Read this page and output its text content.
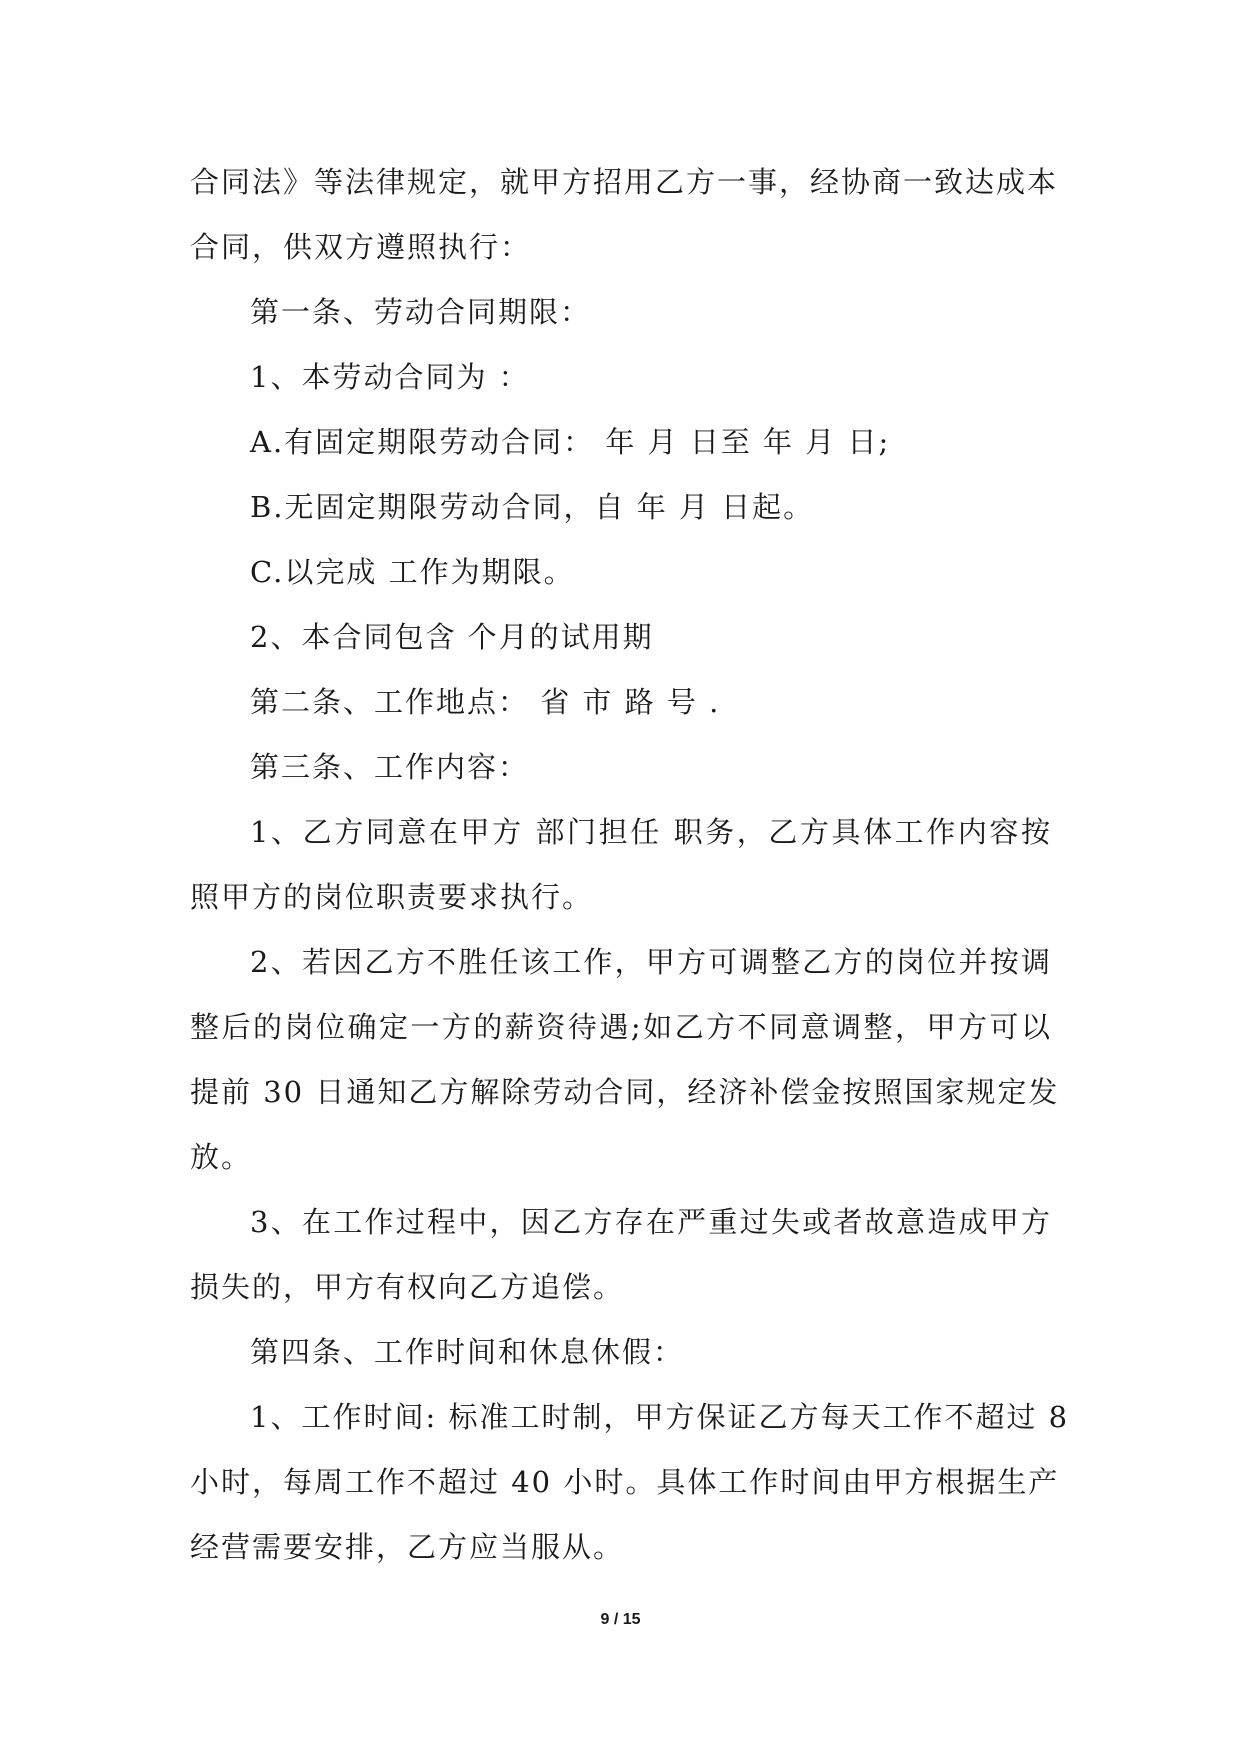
合同法》等法律规定，就甲方招用乙方一事，经协商一致达成本
合同，供双方遵照执行：
第一条、劳动合同期限：
1、本劳动合同为 ：
A.有固定期限劳动合同： 年 月 日至 年 月 日;
B.无固定期限劳动合同，自 年 月 日起。
C.以完成 工作为期限。
2、本合同包含 个月的试用期
第二条、工作地点： 省 市 路 号 .
第三条、工作内容：
1、乙方同意在甲方 部门担任 职务，乙方具体工作内容按
照甲方的岗位职责要求执行。
2、若因乙方不胜任该工作，甲方可调整乙方的岗位并按调
整后的岗位确定一方的薪资待遇;如乙方不同意调整，甲方可以
提前 30 日通知乙方解除劳动合同，经济补偿金按照国家规定发
放。
3、在工作过程中，因乙方存在严重过失或者故意造成甲方
损失的，甲方有权向乙方追偿。
第四条、工作时间和休息休假：
1、工作时间: 标准工时制，甲方保证乙方每天工作不超过 8
小时，每周工作不超过 40 小时。具体工作时间由甲方根据生产
经营需要安排，乙方应当服从。
9 / 15
